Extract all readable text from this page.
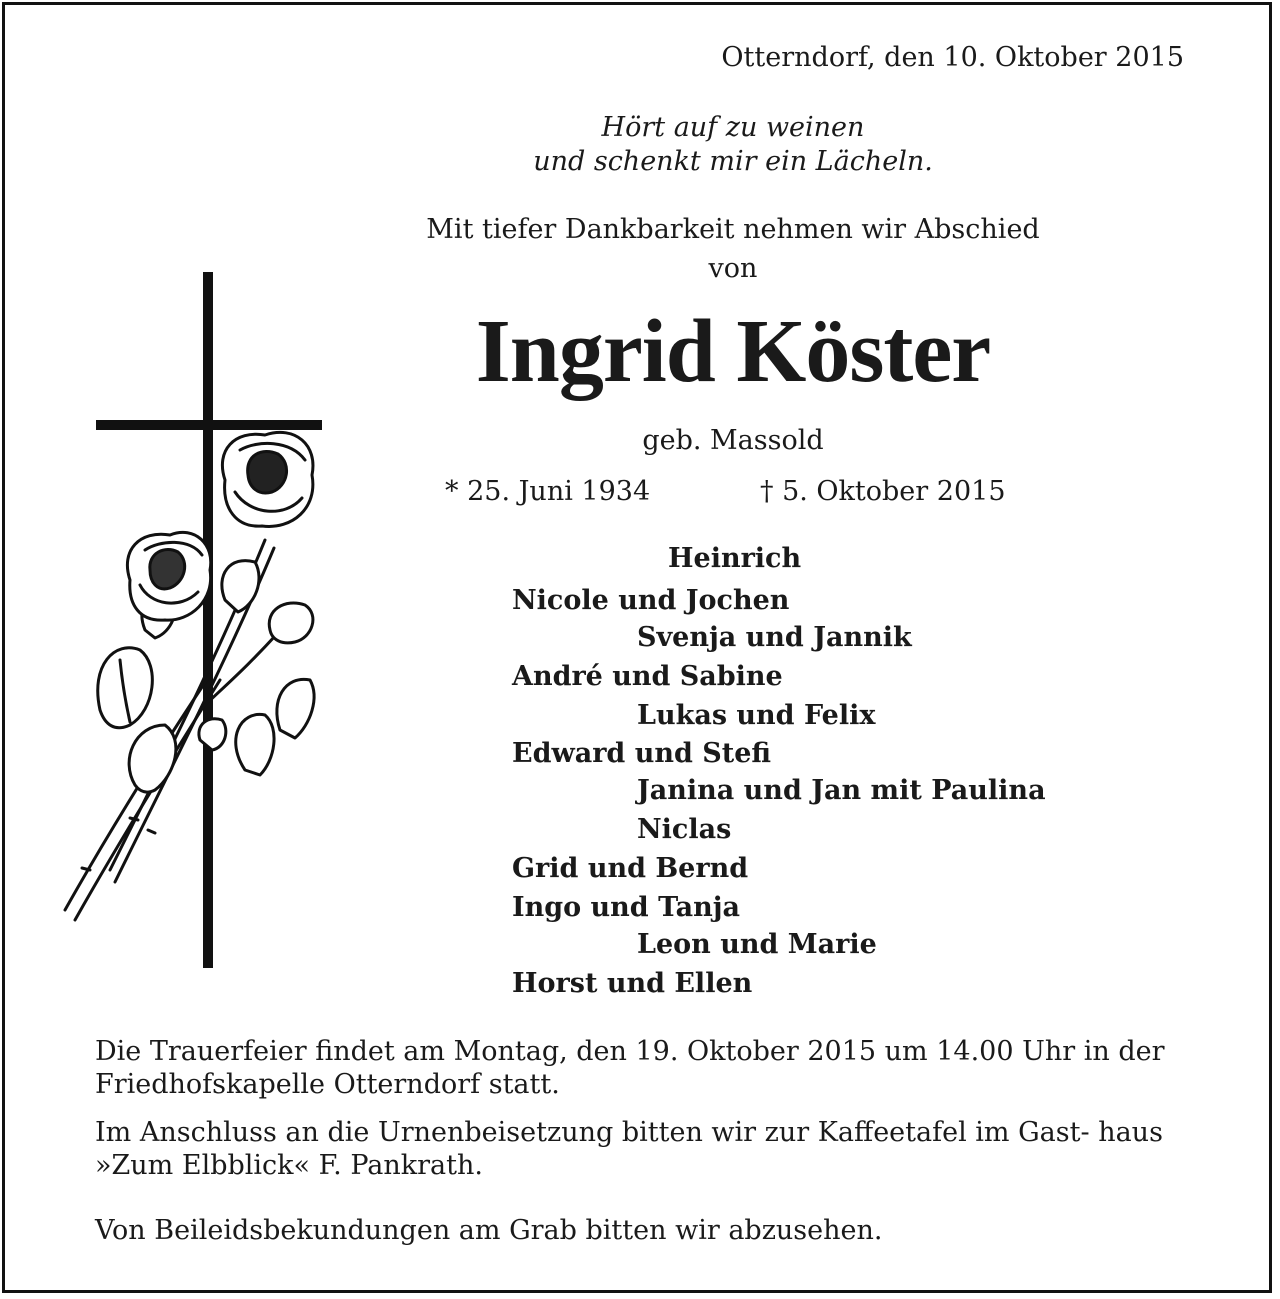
Otterndorf, den 10. Oktober 2015
Hört auf zu weinen
und schenkt mir ein Lächeln.
Mit tiefer Dankbarkeit nehmen wir Abschied
von
Ingrid Köster
geb. Massold
* 25. Juni 1934	† 5. Oktober 2015
Heinrich
Nicole und Jochen
Svenja und Jannik
André und Sabine
Lukas und Felix
Edward und Stefi
Janina und Jan mit Paulina
Niclas
Grid und Bernd
Ingo und Tanja
Leon und Marie
Horst und Ellen
Die Trauerfeier findet am Montag, den 19. Oktober 2015 um 14.00 Uhr in der Friedhofskapelle Otterndorf statt.
Im Anschluss an die Urnenbeisetzung bitten wir zur Kaffeetafel im Gast- haus »Zum Elbblick« F. Pankrath.
Von Beileidsbekundungen am Grab bitten wir abzusehen.
